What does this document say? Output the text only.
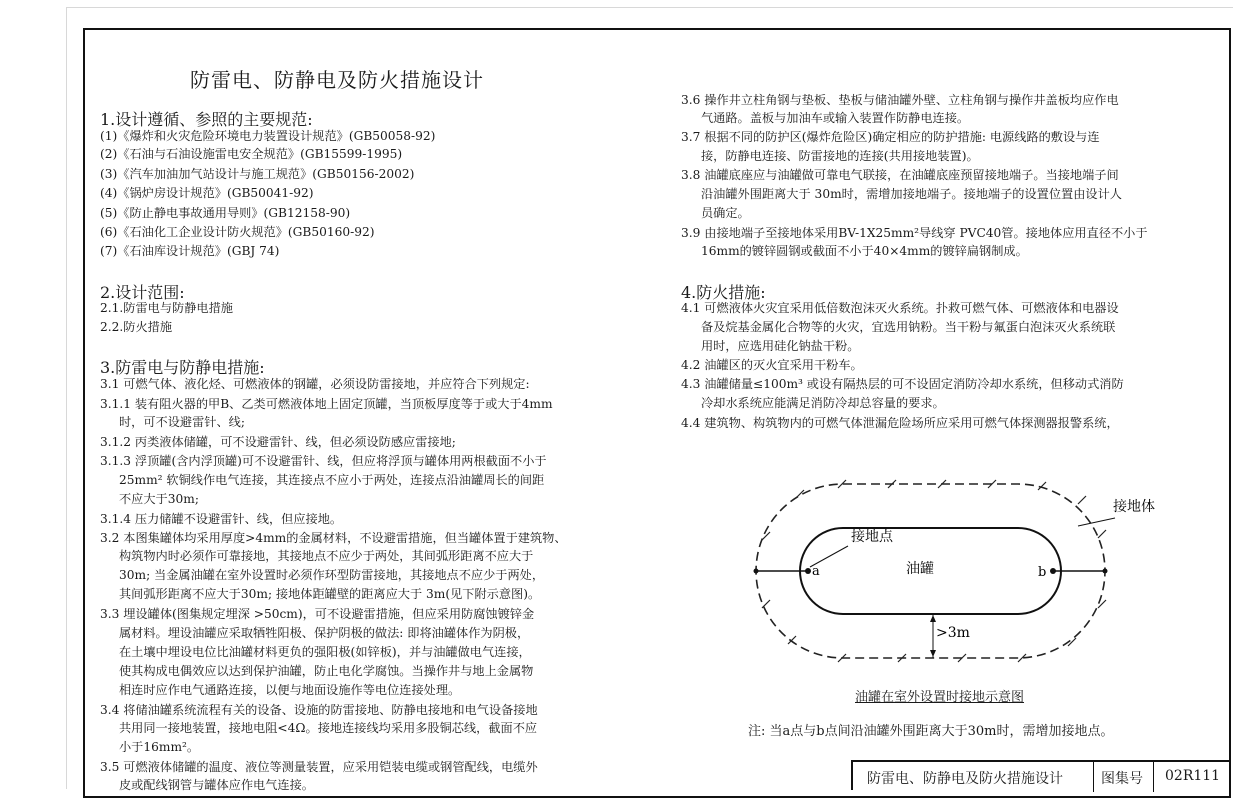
防雷电、防静电及防火措施设计
1.设计遵循、参照的主要规范:
(1)《爆炸和火灾危险环境电力装置设计规范》(GB50058-92)
(2)《石油与石油设施雷电安全规范》(GB15599-1995)
(3)《汽车加油加气站设计与施工规范》(GB50156-2002)
(4)《锅炉房设计规范》(GB50041-92)
(5)《防止静电事故通用导则》(GB12158-90)
(6)《石油化工企业设计防火规范》(GB50160-92)
(7)《石油库设计规范》(GBJ 74)
2.设计范围:
2.1.防雷电与防静电措施
2.2.防火措施
3.防雷电与防静电措施:
3.1 可燃气体、液化烃、可燃液体的钢罐，必须设防雷接地，并应符合下列规定:
3.1.1 装有阻火器的甲B、乙类可燃液体地上固定顶罐，当顶板厚度等于或大于4mm
时，可不设避雷针、线;
3.1.2 丙类液体储罐，可不设避雷针、线，但必须设防感应雷接地;
3.1.3 浮顶罐(含内浮顶罐)可不设避雷针、线，但应将浮顶与罐体用两根截面不小于
25mm² 软铜线作电气连接，其连接点不应小于两处，连接点沿油罐周长的间距
不应大于30m;
3.1.4 压力储罐不设避雷针、线，但应接地。
3.2 本图集罐体均采用厚度>4mm的金属材料，不设避雷措施，但当罐体置于建筑物、
构筑物内时必须作可靠接地，其接地点不应少于两处，其间弧形距离不应大于
30m; 当金属油罐在室外设置时必须作环型防雷接地，其接地点不应少于两处，
其间弧形距离不应大于30m; 接地体距罐壁的距离应大于 3m(见下附示意图)。
3.3 埋设罐体(图集规定埋深 >50cm)，可不设避雷措施，但应采用防腐蚀镀锌金
属材料。埋设油罐应采取牺牲阳极、保护阴极的做法: 即将油罐体作为阴极，
在土壤中埋设电位比油罐材料更负的强阳极(如锌板)，并与油罐做电气连接，
使其构成电偶效应以达到保护油罐，防止电化学腐蚀。当操作井与地上金属物
相连时应作电气通路连接，以便与地面设施作等电位连接处理。
3.4 将储油罐系统流程有关的设备、设施的防雷接地、防静电接地和电气设备接地
共用同一接地装置，接地电阻<4Ω。接地连接线均采用多股铜芯线，截面不应
小于16mm²。
3.5 可燃液体储罐的温度、液位等测量装置，应采用铠装电缆或钢管配线，电缆外
皮或配线钢管与罐体应作电气连接。
3.6 操作井立柱角钢与垫板、垫板与储油罐外壁、立柱角钢与操作井盖板均应作电
气通路。盖板与加油车或输入装置作防静电连接。
3.7 根据不同的防护区(爆炸危险区)确定相应的防护措施: 电源线路的敷设与连
接，防静电连接、防雷接地的连接(共用接地装置)。
3.8 油罐底座应与油罐做可靠电气联接，在油罐底座预留接地端子。当接地端子间
沿油罐外围距离大于 30m时，需增加接地端子。接地端子的设置位置由设计人
员确定。
3.9 由接地端子至接地体采用BV-1X25mm²导线穿 PVC40管。接地体应用直径不小于
16mm的镀锌圆钢或截面不小于40×4mm的镀锌扁钢制成。
4.防火措施:
4.1 可燃液体火灾宜采用低倍数泡沫灭火系统。扑救可燃气体、可燃液体和电器设
备及烷基金属化合物等的火灾，宜选用钠粉。当干粉与氟蛋白泡沫灭火系统联
用时，应选用硅化钠盐干粉。
4.2 油罐区的灭火宜采用干粉车。
4.3 油罐储量≤100m³ 或设有隔热层的可不设固定消防冷却水系统，但移动式消防
冷却水系统应能满足消防冷却总容量的要求。
4.4 建筑物、构筑物内的可燃气体泄漏危险场所应采用可燃气体探测器报警系统，
接地点
接地体
油罐
a	b
>3m
油罐在室外设置时接地示意图
注: 当a点与b点间沿油罐外围距离大于30m时，需增加接地点。
防雷电、防静电及防火措施设计	图集号 02R111
